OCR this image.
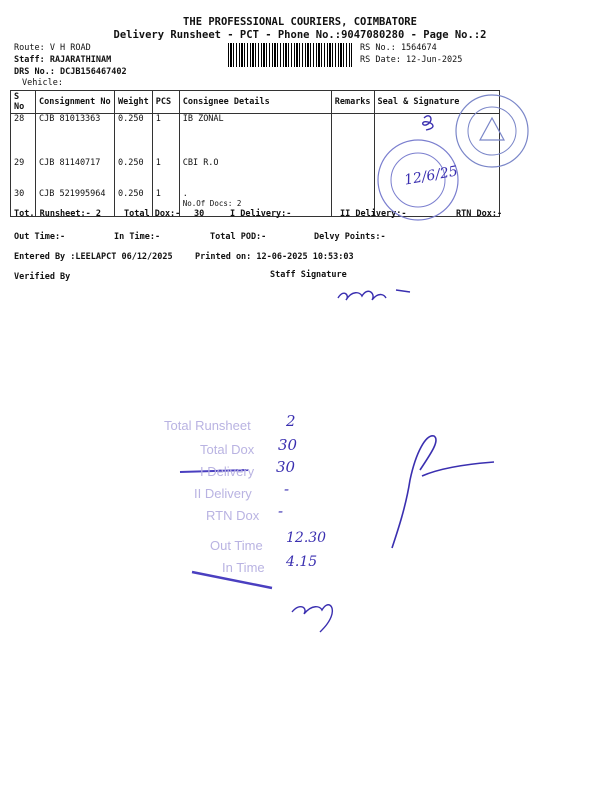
THE PROFESSIONAL COURIERS, COIMBATORE
Delivery Runsheet - PCT - Phone No.:9047080280 - Page No.:2
Route: V H ROAD
Staff: RAJARATHINAM
DRS No.: DCJB156467402
Vehicle:
RS No.: 1564674
RS Date: 12-Jun-2025
S No	Consignment No	Weight	PCS	Consignee Details	Remarks	Seal & Signature
28	CJB 81013363	0.250	1	IB ZONAL		
29	CJB 81140717	0.250	1	CBI R.O		
30	CJB 521995964	0.250	1	.
No.Of Docs: 2		

Tot. Runsheet:- 2	Total Dox:- 30	I Delivery:-	II Delivery:-	RTN Dox:-
Out Time:-	In Time:-	Total POD:-	Delvy Points:-
Entered By :LEELAPCT 06/12/2025	Printed on: 12-06-2025 10:53:03
Verified By	Staff Signature
12/6/25
Total Runsheet 2
Total Dox 30
I Delivery 30
II Delivery -
RTN Dox -
Out Time 12.30
In Time 4.15
